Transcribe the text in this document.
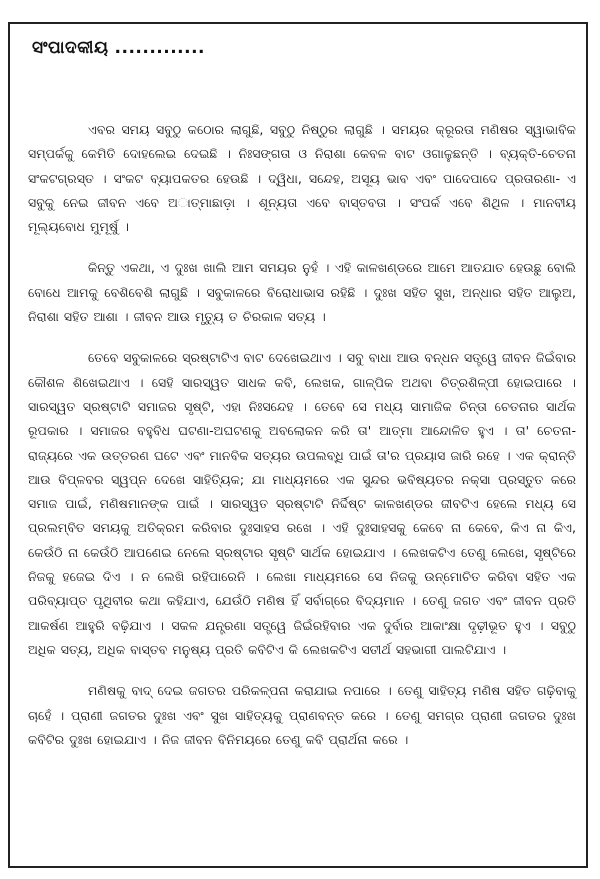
ସଂପାଦକୀୟ .............

ଏବର ସମୟ ସବୁଠୁ କଠୋର ଲାଗୁଛି, ସବୁଠୁ ନିଷ୍ଠୁର ଲାଗୁଛି । ସମୟର କ୍ରୂରତା ମଣିଷର ସ୍ୱାଭାବିକ ସମ୍ପର୍କକୁ କେମିତି ଦୋହଲେଇ ଦେଇଛି । ନିଃସଙ୍ଗତା ଓ ନିରାଶା କେବଳ ବାଟ ଓଗାଳୁଛନ୍ତି । ବ୍ୟକ୍ତି-ଚେତନା ସଂକଟଗ୍ରସ୍ତ । ସଂକଟ ବ୍ୟାପକତର ହେଉଛି । ଦ୍ୱିଧା, ସନ୍ଦେହ, ଅସୂୟ ଭାବ ଏବଂ ପାଦେପାଦେ ପ୍ରତାରଣା- ଏ ସବୁକୁ ନେଇ ଜୀବନ ଏବେ ଅାତ୍ମାଛାଡ଼ା । ଶୂନ୍ୟତା ଏବେ ବାସ୍ତବତା । ସଂପର୍କ ଏବେ ଶିଥିଳ । ମାନବୀୟ ମୂଲ୍ୟବୋଧ ମୁମୂର୍ଷୁ ।

କିନ୍ତୁ ଏକଥା, ଏ ଦୁଃଖ ଖାଲି ଆମ ସମୟର ନୁହଁ । ଏହି କାଳଖଣ୍ଡରେ ଆମେ ଆତଯାତ ହେଉଛୁ ବୋଲି ବୋଧେ ଆମକୁ ବେଶିବେଶି ଲାଗୁଛି । ସବୁକାଳରେ ବିରୋଧାଭାସ ରହିଛି । ଦୁଃଖ ସହିତ ସୁଖ, ଅନ୍ଧାର ସହିତ ଆଲୁଅ, ନିରାଶା ସହିତ ଆଶା । ଜୀବନ ଆଉ ମୃତ୍ୟୁ ତ ଚିରକାଳ ସତ୍ୟ ।

ତେବେ ସବୁକାଳରେ ସ୍ରଷ୍ଟାଟିଏ ବାଟ ଦେଖେଇଥାଏ । ସବୁ ବାଧା ଆଉ ବନ୍ଧନ ସତ୍ତ୍ୱେ ଜୀବନ ଜିଇଁବାର କୌଶଳ ଶିଖେଇଥାଏ । ସେହି ସାରସ୍ୱତ ସାଧକ କବି, ଲେଖକ, ଗାଳ୍ପିକ ଅଥବା ଚିତ୍ରଶିଳ୍ପୀ ହୋଇପାରେ । ସାରସ୍ୱତ ସ୍ରଷ୍ଟାଟି ସମାଜର ସୃଷ୍ଟି, ଏହା ନିଃସନ୍ଦେହ । ତେବେ ସେ ମଧ୍ୟ ସାମାଜିକ ଚିନ୍ତା ଚେତନାର ସାର୍ଥକ ରୂପକାର । ସମାଜର ବହୁବିଧ ଘଟଣା-ଅଘଟଣକୁ ଅବଲୋକନ କରି ତା' ଆତ୍ମା ଆନ୍ଦୋଳିତ ହୁଏ । ତା' ଚେତନା-ରାଜ୍ୟରେ ଏକ ଉତ୍ତରଣ ଘଟେ ଏବଂ ମାନବିକ ସତ୍ୟର ଉପଲବ୍ଧି ପାଇଁ ତା'ର ପ୍ରୟାସ ଜାରି ରହେ । ଏକ କ୍ରାନ୍ତି ଆଉ ବିପ୍ଳବର ସ୍ୱପ୍ନ ଦେଖେ ସାହିତ୍ୟିକ; ଯା ମାଧ୍ୟମରେ ଏକ ସୁନ୍ଦର ଭବିଷ୍ୟତର ନକ୍ସା ପ୍ରସ୍ତୁତ କରେ ସମାଜ ପାଇଁ, ମଣିଷମାନଙ୍କ ପାଇଁ । ସାରସ୍ୱତ ସ୍ରଷ୍ଟାଟି ନିର୍ଦ୍ଦିଷ୍ଟ କାଳଖଣ୍ଡର ଜୀବଟିଏ ହେଲେ ମଧ୍ୟ ସେ ପ୍ରଲମ୍ବିତ ସମୟକୁ ଅତିକ୍ରମ କରିବାର ଦୁଃସାହସ ରଖେ । ଏହି ଦୁଃସାହସକୁ କେବେ ନା କେବେ, କିଏ ନା କିଏ, କେଉଁଠି ନା କେଉଁଠି ଆପଣେଇ ନେଲେ ସ୍ରଷ୍ଟାର ସୃଷ୍ଟି ସାର୍ଥକ ହୋଇଯାଏ । ଲେଖକଟିଏ ତେଣୁ ଲେଖେ, ସୃଷ୍ଟିରେ ନିଜକୁ ହଜେଇ ଦିଏ । ନ ଲେଖି ରହିପାରେନି । ଲେଖା ମାଧ୍ୟମରେ ସେ ନିଜକୁ ଉନ୍ମୋଚିତ କରିବା ସହିତ ଏକ ପରିବ୍ୟାପ୍ତ ପୃଥିବୀର କଥା କହିଯାଏ, ଯେଉଁଠି ମଣିଷ ହିଁ ସର୍ବାଗ୍ରେ ବିଦ୍ୟମାନ । ତେଣୁ ଜଗତ ଏବଂ ଜୀବନ ପ୍ରତି ଆକର୍ଷଣ ଆହୁରି ବଢ଼ିଯାଏ । ସକଳ ଯନ୍ତ୍ରଣା ସତ୍ତ୍ୱେ ଜିଇଁରହିବାର ଏକ ଦୁର୍ବାର ଆକାଂକ୍ଷା ଦୃଢ଼ୀଭୂତ ହୁଏ । ସବୁଠୁ ଅଧିକ ସତ୍ୟ, ଅଧିକ ବାସ୍ତବ ମନୁଷ୍ୟ ପ୍ରତି କବିଟିଏ କି ଲେଖକଟିଏ ସତୀର୍ଥ ସହଭାଗୀ ପାଲଟିଯାଏ ।

ମଣିଷକୁ ବାଦ୍ ଦେଇ ଜଗତର ପରିକଳ୍ପନା କରାଯାଇ ନପାରେ । ତେଣୁ ସାହିତ୍ୟ ମଣିଷ ସହିତ ଗଢ଼ିବାକୁ ଚାହେଁ । ପ୍ରାଣୀ ଜଗତର ଦୁଃଖ ଏବଂ ସୁଖ ସାହିତ୍ୟକୁ ପ୍ରାଣବନ୍ତ କରେ । ତେଣୁ ସମଗ୍ର ପ୍ରାଣୀ ଜଗତର ଦୁଃଖ କବିଟିର ଦୁଃଖ ହୋଇଯାଏ । ନିଜ ଜୀବନ ବିନିମୟରେ ତେଣୁ କବି ପ୍ରାର୍ଥନା କରେ ।
